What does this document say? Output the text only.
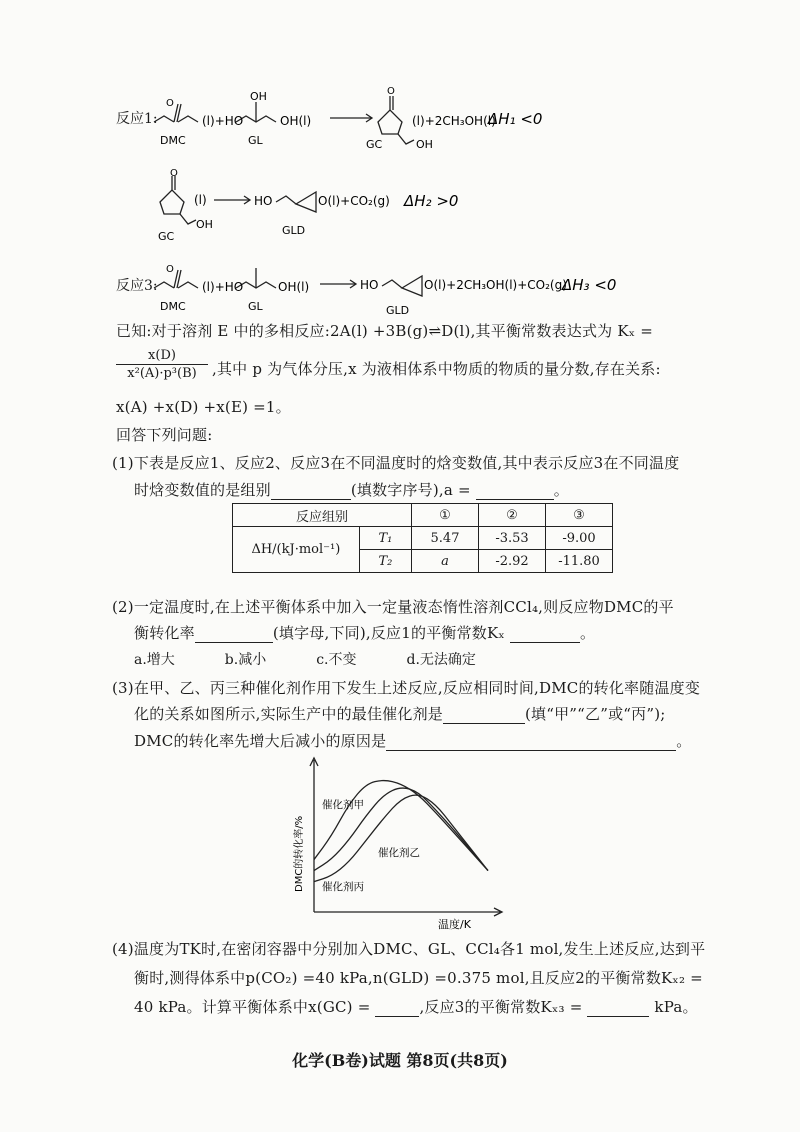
反应1:
O
O
(l)+HO
OH
OH(l)	(l)+2CH₃OH(l)
DMC	GL	GC	OH
ΔH₁ <0
O
(l)	HO	O(l)+CO₂(g)
GC
OH	GLD
ΔH₂ >0
反应3:
O
(l)+HO	OH(l)	HO	O(l)+2CH₃OH(l)+CO₂(g)
DMC	GL	GLD
ΔH₃ <0
已知:对于溶剂 E 中的多相反应:2A(l) +3B(g)⇌D(l),其平衡常数表达式为 Kₓ =
$\frac{x(D)}{\text{x²(A)·p³(B)}}$ ,其中 p 为气体分压,x 为液相体系中物质的物质的量分数,存在关系:
x(A) +x(D) +x(E) =1。
回答下列问题:
(1)下表是反应1、反应2、反应3在不同温度时的焓变数值,其中表示反应3在不同温度
时焓变数值的是组别	(填数字序号),a =	。
反应组别		①	②	③
ΔH/(kJ·mol⁻¹)	T₁	5.47	-3.53	-9.00
	T₂	a	-2.92	-11.80
(2)一定温度时,在上述平衡体系中加入一定量液态惰性溶剂CCl₄,则反应物DMC的平
衡转化率	(填字母,下同),反应1的平衡常数Kₓ	。
a.增大	b.减小	c.不变	d.无法确定
(3)在甲、乙、丙三种催化剂作用下发生上述反应,反应相同时间,DMC的转化率随温度变
化的关系如图所示,实际生产中的最佳催化剂是	(填“甲”“乙”或“丙”);
DMC的转化率先增大后减小的原因是	。
DMC的转化率/%
温度/K
催化剂甲
催化剂乙
催化剂丙
(4)温度为TK时,在密闭容器中分别加入DMC、GL、CCl₄各1 mol,发生上述反应,达到平
衡时,测得体系中p(CO₂) =40 kPa,n(GLD) =0.375 mol,且反应2的平衡常数Kₓ₂ =
40 kPa。计算平衡体系中x(GC) =	,反应3的平衡常数Kₓ₃ =	kPa。
化学(B卷)试题 第8页(共8页)
